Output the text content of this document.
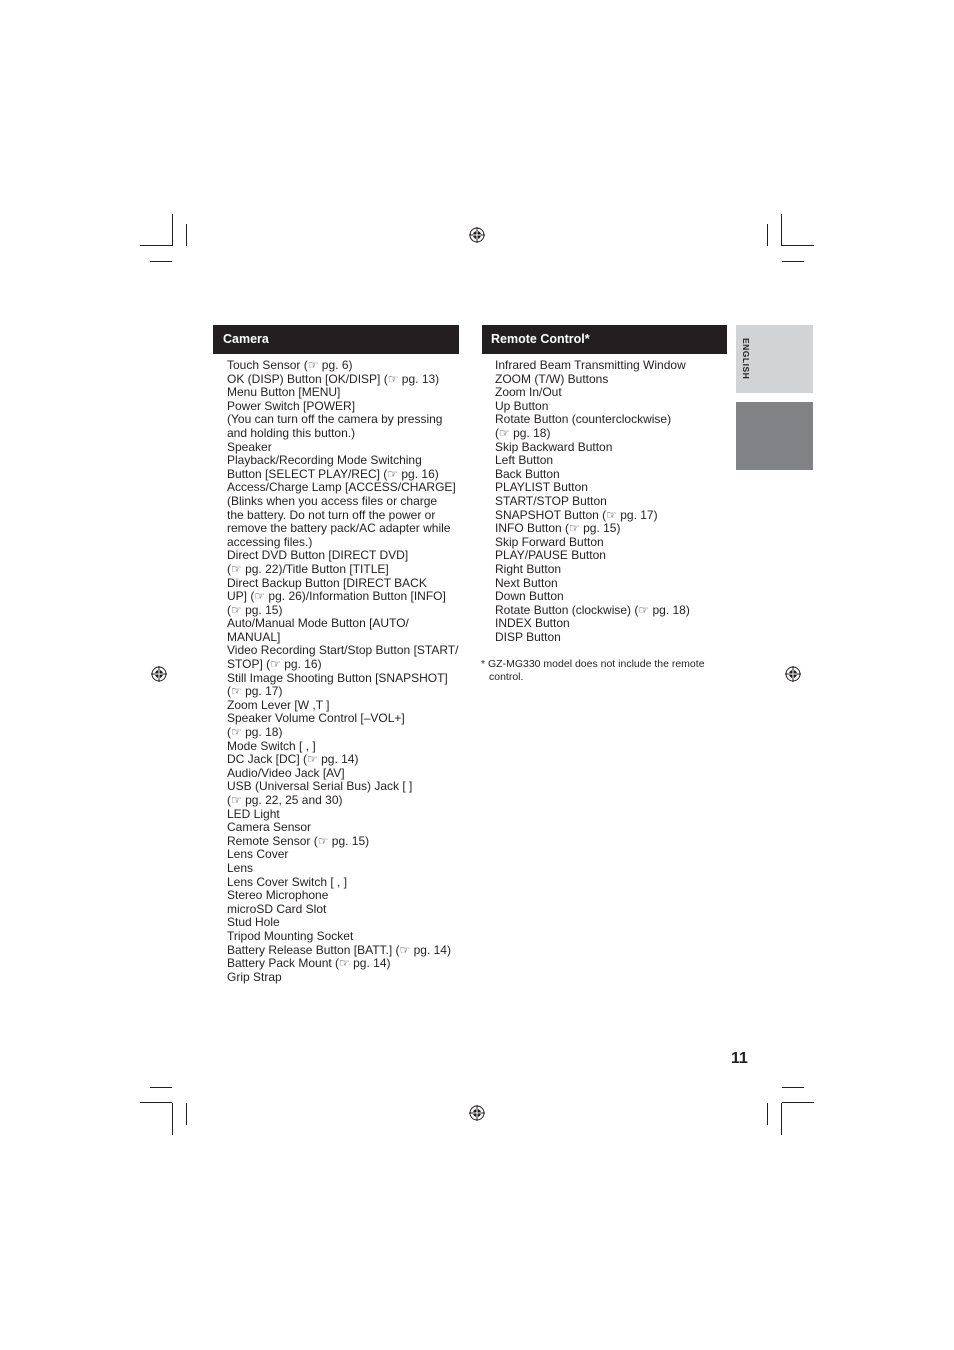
Camera
Touch Sensor (☞ pg. 6)
OK (DISP) Button [OK/DISP] (☞ pg. 13)
Menu Button [MENU]
Power Switch [POWER]
(You can turn off the camera by pressing
and holding this button.)
Speaker
Playback/Recording Mode Switching
Button [SELECT PLAY/REC] (☞ pg. 16)
Access/Charge Lamp [ACCESS/CHARGE]
(Blinks when you access files or charge
the battery. Do not turn off the power or
remove the battery pack/AC adapter while
accessing files.)
Direct DVD Button [DIRECT DVD]
(☞ pg. 22)/Title Button [TITLE]
Direct Backup Button [DIRECT BACK
UP] (☞ pg. 26)/Information Button [INFO]
(☞ pg. 15)
Auto/Manual Mode Button [AUTO/
MANUAL]
Video Recording Start/Stop Button [START/
STOP] (☞ pg. 16)
Still Image Shooting Button [SNAPSHOT]
(☞ pg. 17)
Zoom Lever [W ,T ]
Speaker Volume Control [–VOL+]
(☞ pg. 18)
Mode Switch [ , ]
DC Jack [DC] (☞ pg. 14)
Audio/Video Jack [AV]
USB (Universal Serial Bus) Jack [ ]
(☞ pg. 22, 25 and 30)
LED Light
Camera Sensor
Remote Sensor (☞ pg. 15)
Lens Cover
Lens
Lens Cover Switch [ , ]
Stereo Microphone
microSD Card Slot
Stud Hole
Tripod Mounting Socket
Battery Release Button [BATT.] (☞ pg. 14)
Battery Pack Mount (☞ pg. 14)
Grip Strap
Remote Control*
Infrared Beam Transmitting Window
ZOOM (T/W) Buttons
Zoom In/Out
Up Button
Rotate Button (counterclockwise)
(☞ pg. 18)
Skip Backward Button
Left Button
Back Button
PLAYLIST Button
START/STOP Button
SNAPSHOT Button (☞ pg. 17)
INFO Button (☞ pg. 15)
Skip Forward Button
PLAY/PAUSE Button
Right Button
Next Button
Down Button
Rotate Button (clockwise) (☞ pg. 18)
INDEX Button
DISP Button
* GZ-MG330 model does not include the remote
control.
ENGLISH
11
